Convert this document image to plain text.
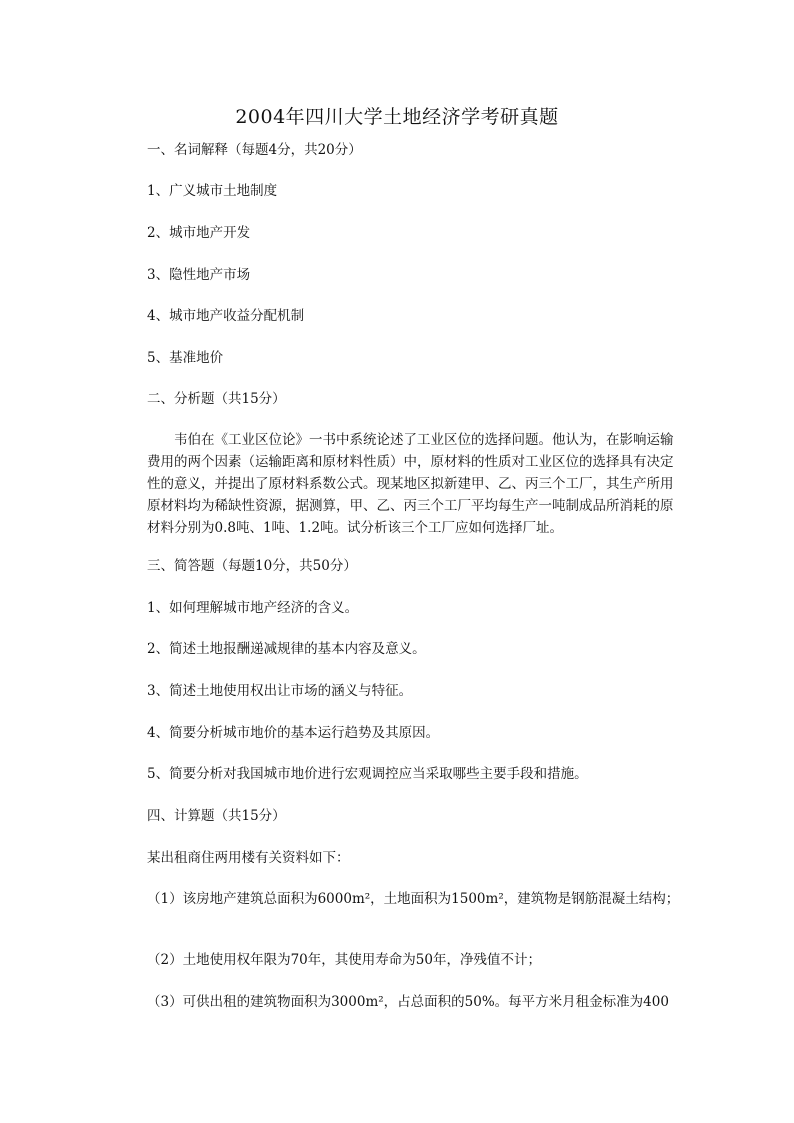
2004年四川大学土地经济学考研真题

一、名词解释（每题4分，共20分）

1、广义城市土地制度

2、城市地产开发

3、隐性地产市场

4、城市地产收益分配机制

5、基准地价

二、分析题（共15分）

韦伯在《工业区位论》一书中系统论述了工业区位的选择问题。他认为，在影响运输
费用的两个因素（运输距离和原材料性质）中，原材料的性质对工业区位的选择具有决定
性的意义，并提出了原材料系数公式。现某地区拟新建甲、乙、丙三个工厂，其生产所用
原材料均为稀缺性资源，据测算，甲、乙、丙三个工厂平均每生产一吨制成品所消耗的原
材料分别为0.8吨、1吨、1.2吨。试分析该三个工厂应如何选择厂址。

三、简答题（每题10分，共50分）

1、如何理解城市地产经济的含义。

2、简述土地报酬递减规律的基本内容及意义。

3、简述土地使用权出让市场的涵义与特征。

4、简要分析城市地价的基本运行趋势及其原因。

5、简要分析对我国城市地价进行宏观调控应当采取哪些主要手段和措施。

四、计算题（共15分）

某出租商住两用楼有关资料如下：

（1）该房地产建筑总面积为6000m²，土地面积为1500m²，建筑物是钢筋混凝土结构；

（2）土地使用权年限为70年，其使用寿命为50年，净残值不计；

（3）可供出租的建筑物面积为3000m²，占总面积的50%。每平方米月租金标准为400
